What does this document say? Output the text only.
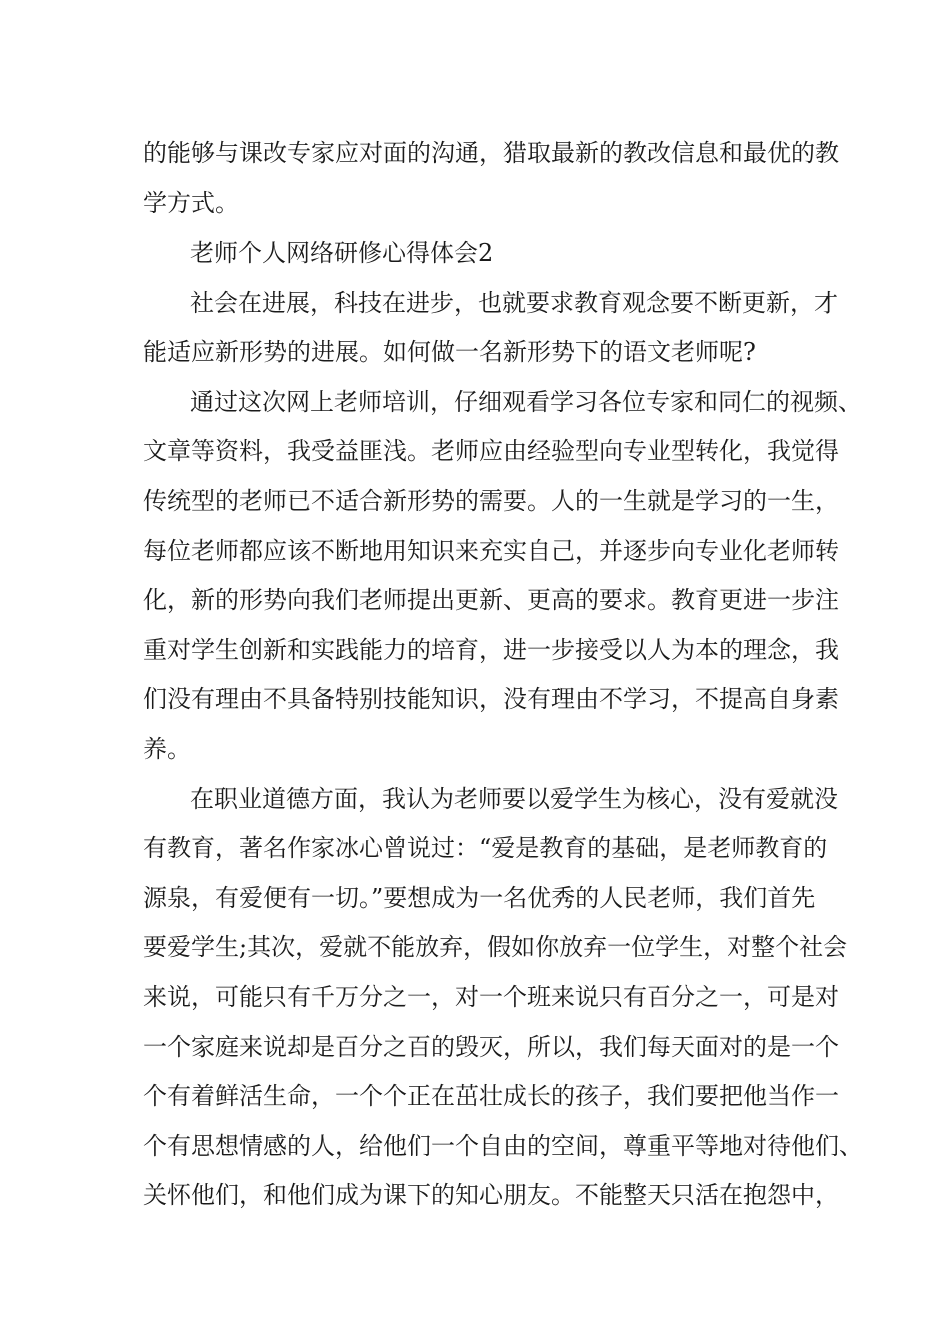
的能够与课改专家应对面的沟通，猎取最新的教改信息和最优的教
学方式。
老师个人网络研修心得体会2
社会在进展，科技在进步，也就要求教育观念要不断更新，才
能适应新形势的进展。如何做一名新形势下的语文老师呢?
通过这次网上老师培训，仔细观看学习各位专家和同仁的视频、
文章等资料，我受益匪浅。老师应由经验型向专业型转化，我觉得
传统型的老师已不适合新形势的需要。人的一生就是学习的一生，
每位老师都应该不断地用知识来充实自己，并逐步向专业化老师转
化，新的形势向我们老师提出更新、更高的要求。教育更进一步注
重对学生创新和实践能力的培育，进一步接受以人为本的理念，我
们没有理由不具备特别技能知识，没有理由不学习，不提高自身素
养。
在职业道德方面，我认为老师要以爱学生为核心，没有爱就没
有教育，著名作家冰心曾说过：“爱是教育的基础，是老师教育的
源泉，有爱便有一切。”要想成为一名优秀的人民老师，我们首先
要爱学生;其次，爱就不能放弃，假如你放弃一位学生，对整个社会
来说，可能只有千万分之一，对一个班来说只有百分之一，可是对
一个家庭来说却是百分之百的毁灭，所以，我们每天面对的是一个
个有着鲜活生命，一个个正在茁壮成长的孩子，我们要把他当作一
个有思想情感的人，给他们一个自由的空间，尊重平等地对待他们、
关怀他们，和他们成为课下的知心朋友。不能整天只活在抱怨中，
